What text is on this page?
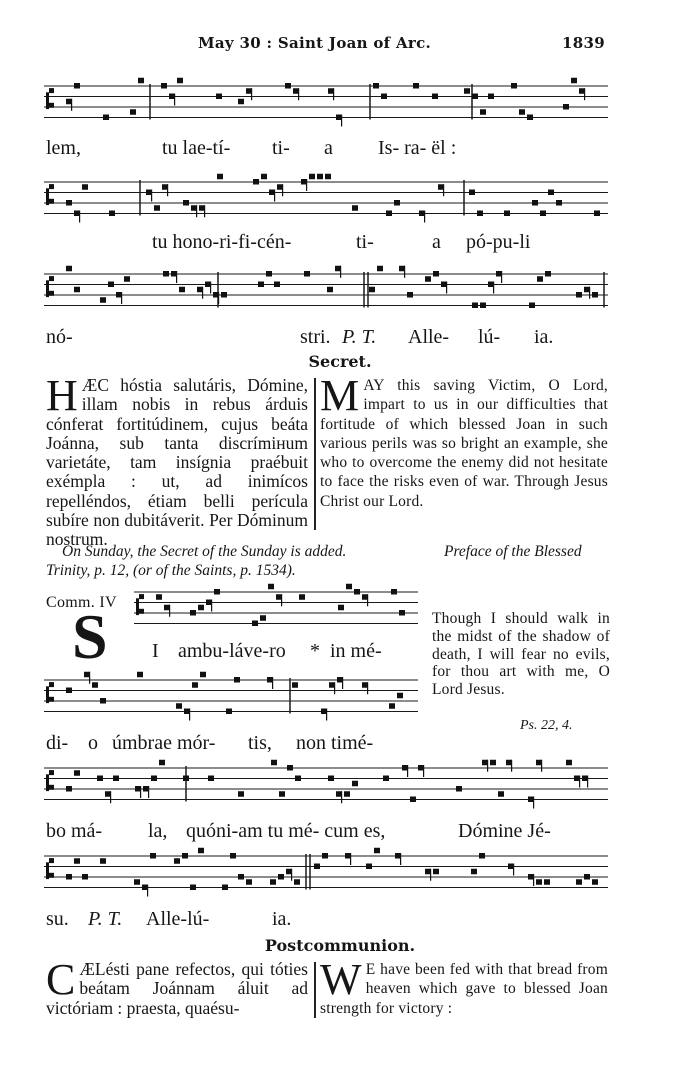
May 30 : Saint Joan of Arc.	1839
lem,	tu lae-tí- ti- a Is- ra- ël :
tu hono-ri-fi-cén-	ti-	a pó-pu-li
nó-	stri. P. T. Alle- lú- ia.
Secret.
HÆC hóstia salutáris, Dómine, illam nobis in rebus árduis cónferat fortitúdinem, cujus beáta Joánna, sub tanta discrímінum varietáte, tam insígnia praébuit exémpla : ut, ad inimícos repelléndos, étiam belli perícula subíre non dubitáverit. Per Dóminum nostrum.
MAY this saving Victim, O Lord, impart to us in our difficulties that fortitude of which blessed Joan in such various perils was so bright an example, she who to overcome the enemy did not hesitate to face the risks even of war. Through Jesus Christ our Lord.
On Sunday, the Secret of the Sunday is added.	Preface of the Blessed
Trinity, p. 12, (or of the Saints, p. 1534).
Comm. IV
S I ambu-láve-ro * in mé-
Though I should walk in the midst of the shadow of death, I will fear no evils, for thou art with me, O Lord Jesus.
Ps. 22, 4.
di- o úmbrae mór- tis, non timé-
bo má- la, quóni-am tu mé- cum es,	Dómine Jé-
su. P. T. Alle-lú-	ia.
Postcommunion.
C ÆLésti pane refectos, qui tóties beátam Joánnam áluit ad victóriam : praesta, quaésu-
W E have been fed with that bread from heaven which gave to blessed Joan strength for victory :
